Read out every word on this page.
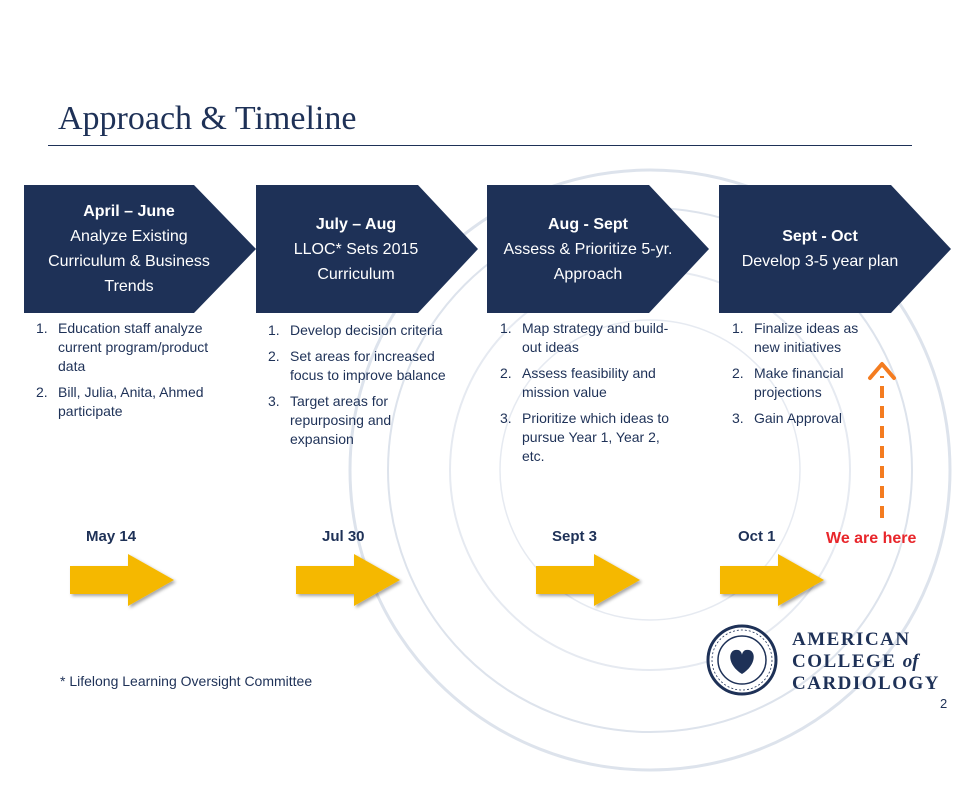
Approach & Timeline
April – June
Analyze Existing Curriculum & Business Trends
July – Aug
LLOC* Sets 2015 Curriculum
Aug - Sept
Assess & Prioritize 5-yr. Approach
Sept - Oct
Develop 3-5 year plan
1. Education staff analyze current program/product data
2. Bill, Julia, Anita, Ahmed participate
1. Develop decision criteria
2. Set areas for increased focus to improve balance
3. Target areas for repurposing and expansion
1. Map strategy and build-out ideas
2. Assess feasibility and mission value
3. Prioritize which ideas to pursue Year 1, Year 2, etc.
1. Finalize ideas as new initiatives
2. Make financial projections
3. Gain Approval
May 14	Jul 30	Sept 3	Oct 1	We are here
AMERICAN
COLLEGE of
CARDIOLOGY
* Lifelong Learning Oversight Committee
2
